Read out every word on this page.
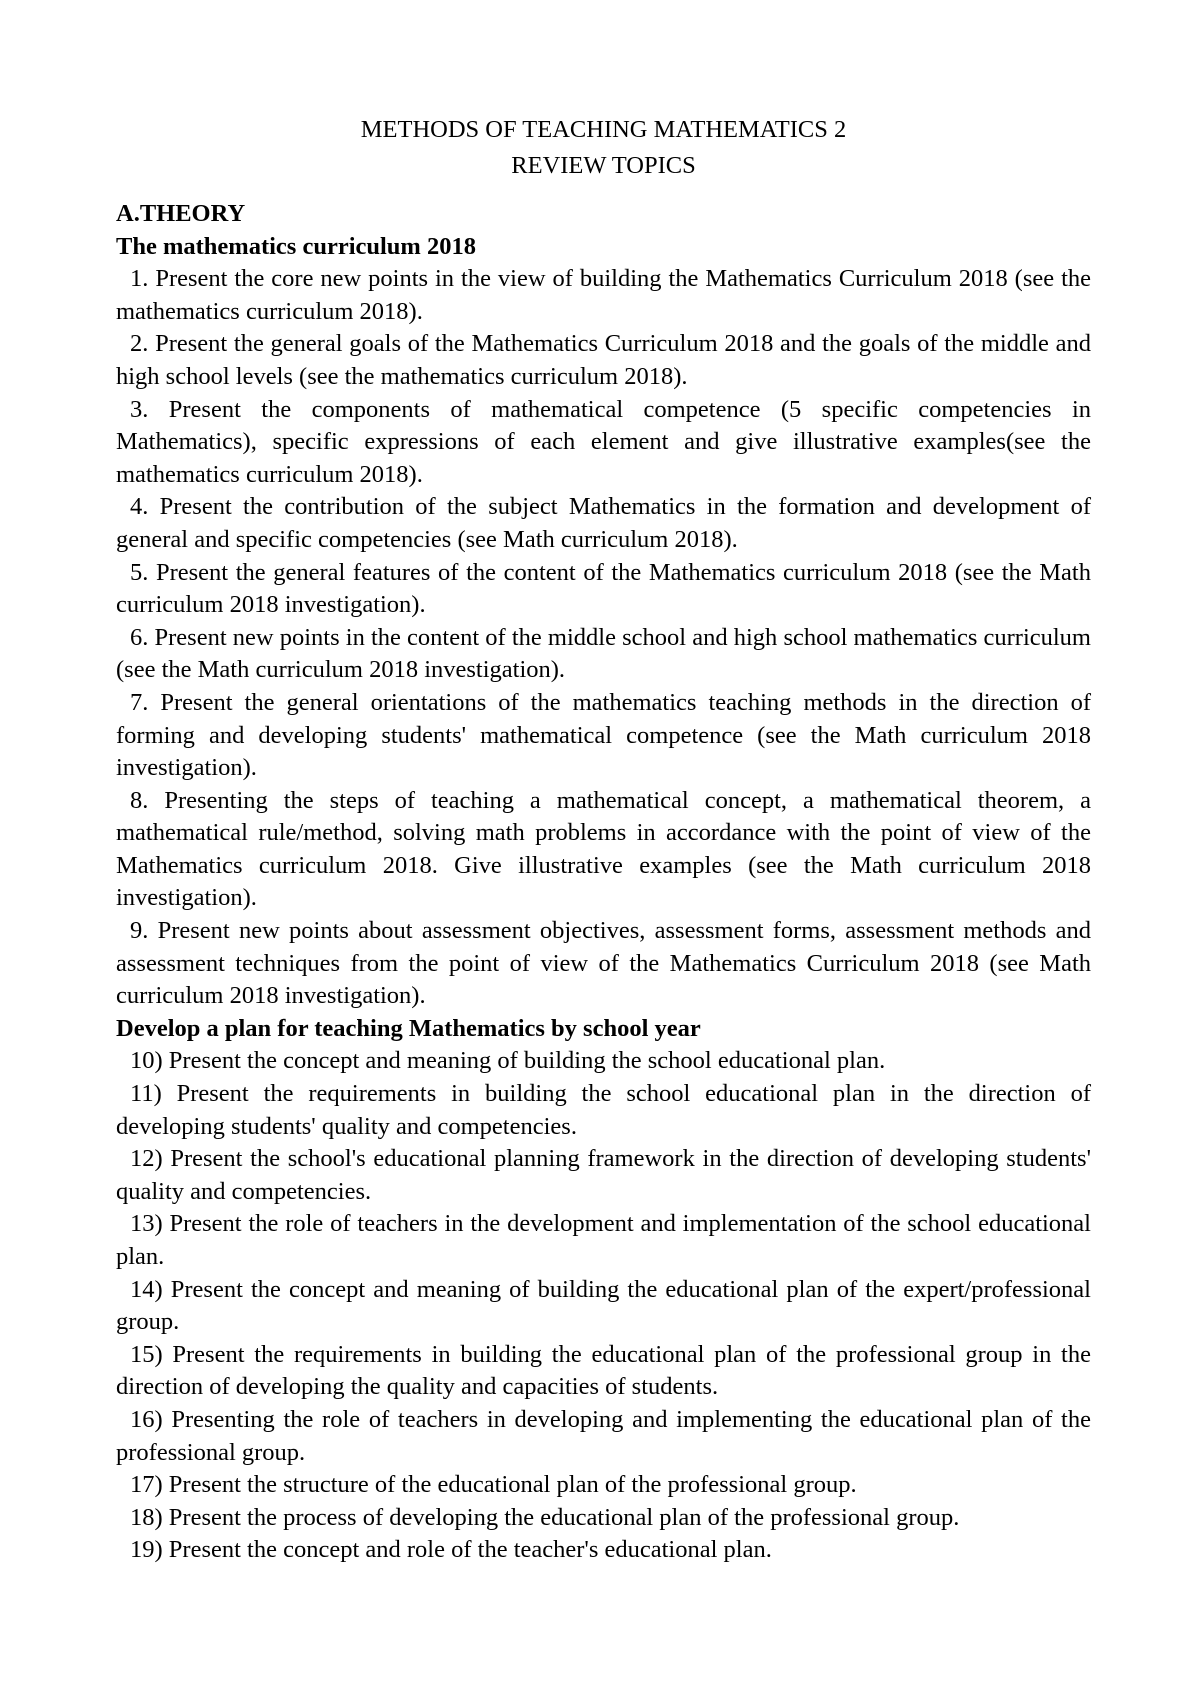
METHODS OF TEACHING MATHEMATICS 2

REVIEW TOPICS

A.THEORY

The mathematics curriculum 2018

1. Present the core new points in the view of building the Mathematics Curriculum 2018 (see the mathematics curriculum 2018).

2. Present the general goals of the Mathematics Curriculum 2018 and the goals of the middle and high school levels (see the mathematics curriculum 2018).

3. Present the components of mathematical competence (5 specific competencies in Mathematics), specific expressions of each element and give illustrative examples(see the mathematics curriculum 2018).

4. Present the contribution of the subject Mathematics in the formation and development of general and specific competencies (see Math curriculum 2018).

5. Present the general features of the content of the Mathematics curriculum 2018 (see the Math curriculum 2018 investigation).

6. Present new points in the content of the middle school and high school mathematics curriculum (see the Math curriculum 2018 investigation).

7. Present the general orientations of the mathematics teaching methods in the direction of forming and developing students' mathematical competence (see the Math curriculum 2018 investigation).

8. Presenting the steps of teaching a mathematical concept, a mathematical theorem, a mathematical rule/method, solving math problems in accordance with the point of view of the Mathematics curriculum 2018. Give illustrative examples (see the Math curriculum 2018 investigation).

9. Present new points about assessment objectives, assessment forms, assessment methods and assessment techniques from the point of view of the Mathematics Curriculum 2018 (see Math curriculum 2018 investigation).

Develop a plan for teaching Mathematics by school year

10) Present the concept and meaning of building the school educational plan.

11) Present the requirements in building the school educational plan in the direction of developing students' quality and competencies.

12) Present the school's educational planning framework in the direction of developing students' quality and competencies.

13) Present the role of teachers in the development and implementation of the school educational plan.

14) Present the concept and meaning of building the educational plan of the expert/professional group.

15) Present the requirements in building the educational plan of the professional group in the direction of developing the quality and capacities of students.

16) Presenting the role of teachers in developing and implementing the educational plan of the professional group.

17) Present the structure of the educational plan of the professional group.

18) Present the process of developing the educational plan of the professional group.

19) Present the concept and role of the teacher's educational plan.
